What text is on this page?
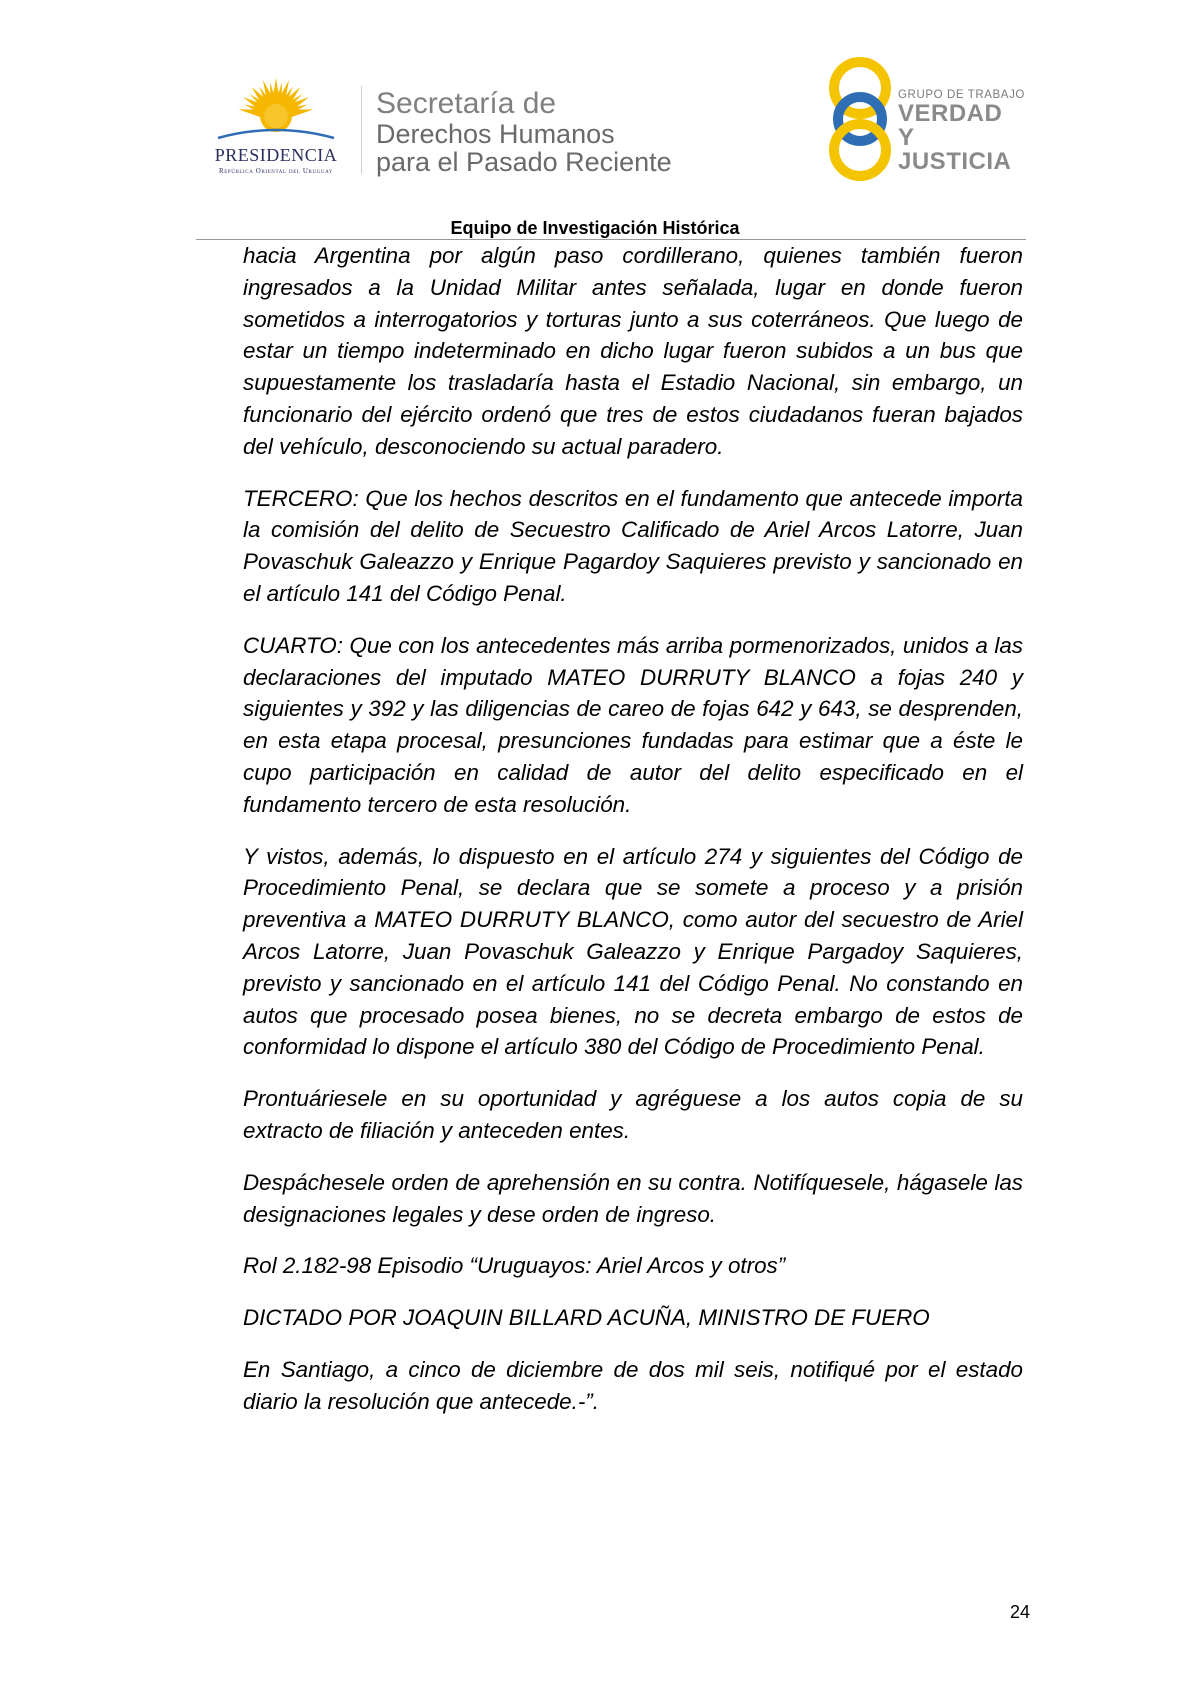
PRESIDENCIA
República Oriental del Uruguay
Secretaría de
Derechos Humanos
para el Pasado Reciente
GRUPO DE TRABAJO
VERDAD Y
JUSTICIA
Equipo de Investigación Histórica

hacia Argentina por algún paso cordillerano, quienes también fueron ingresados a la Unidad Militar antes señalada, lugar en donde fueron sometidos a interrogatorios y torturas junto a sus coterráneos. Que luego de estar un tiempo indeterminado en dicho lugar fueron subidos a un bus que supuestamente los trasladaría hasta el Estadio Nacional, sin embargo, un funcionario del ejército ordenó que tres de estos ciudadanos fueran bajados del vehículo, desconociendo su actual paradero.

TERCERO: Que los hechos descritos en el fundamento que antecede importa la comisión del delito de Secuestro Calificado de Ariel Arcos Latorre, Juan Povaschuk Galeazzo y Enrique Pagardoy Saquieres previsto y sancionado en el artículo 141 del Código Penal.

CUARTO: Que con los antecedentes más arriba pormenorizados, unidos a las declaraciones del imputado MATEO DURRUTY BLANCO a fojas 240 y siguientes y 392 y las diligencias de careo de fojas 642 y 643, se desprenden, en esta etapa procesal, presunciones fundadas para estimar que a éste le cupo participación en calidad de autor del delito especificado en el fundamento tercero de esta resolución.

Y vistos, además, lo dispuesto en el artículo 274 y siguientes del Código de Procedimiento Penal, se declara que se somete a proceso y a prisión preventiva a MATEO DURRUTY BLANCO, como autor del secuestro de Ariel Arcos Latorre, Juan Povaschuk Galeazzo y Enrique Pargadoy Saquieres, previsto y sancionado en el artículo 141 del Código Penal. No constando en autos que procesado posea bienes, no se decreta embargo de estos de conformidad lo dispone el artículo 380 del Código de Procedimiento Penal.

Prontuáriesele en su oportunidad y agréguese a los autos copia de su extracto de filiación y anteceden entes.

Despáchesele orden de aprehensión en su contra. Notifíquesele, hágasele las designaciones legales y dese orden de ingreso.

Rol 2.182-98 Episodio “Uruguayos: Ariel Arcos y otros”

DICTADO POR JOAQUIN BILLARD ACUÑA, MINISTRO DE FUERO

En Santiago, a cinco de diciembre de dos mil seis, notifiqué por el estado diario la resolución que antecede.-”.

24
